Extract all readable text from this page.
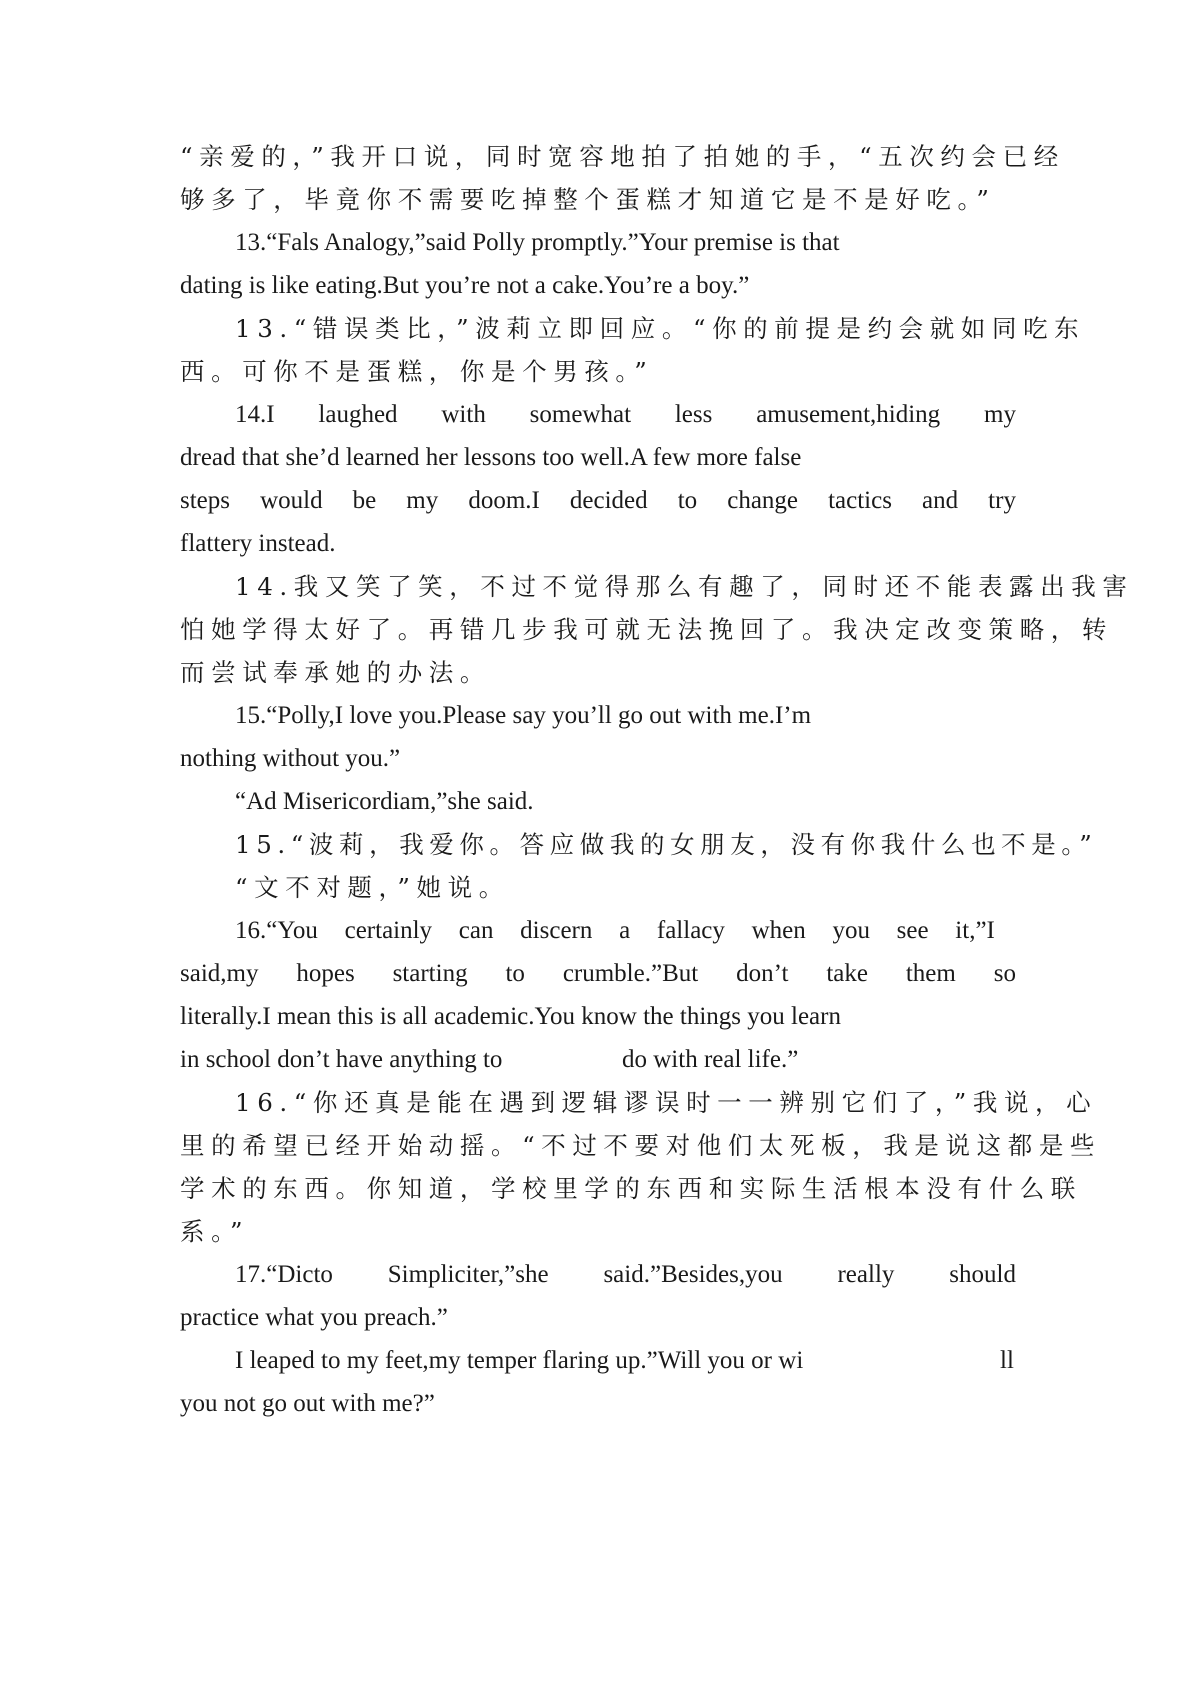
“亲爱的，”我开口说，同时宽容地拍了拍她的手，“五次约会已经
够多了，毕竟你不需要吃掉整个蛋糕才知道它是不是好吃。”
13.“Fals Analogy,”said Polly promptly.”Your premise is that
dating is like eating.But you’re not a cake.You’re a boy.”
13.“错误类比，”波莉立即回应。“你的前提是约会就如同吃东
西。可你不是蛋糕，你是个男孩。”
14.I laughed with somewhat less amusement,hiding my
dread that she’d learned her lessons too well.A few more false
steps would be my doom.I decided to change tactics and try
flattery instead.
14.我又笑了笑，不过不觉得那么有趣了，同时还不能表露出我害
怕她学得太好了。再错几步我可就无法挽回了。我决定改变策略，转
而尝试奉承她的办法。
15.“Polly,I love you.Please say you’ll go out with me.I’m
nothing without you.”
“Ad Misericordiam,”she said.
15.“波莉，我爱你。答应做我的女朋友，没有你我什么也不是。”
“文不对题，”她说。
16.“You certainly can discern a fallacy when you see it,”I
said,my hopes starting to crumble.”But don’t take them so
literally.I mean this is all academic.You know the things you learn
in school don’t have anything to	do with real life.”
16.“你还真是能在遇到逻辑谬误时一一辨别它们了，”我说，心
里的希望已经开始动摇。“不过不要对他们太死板，我是说这都是些
学术的东西。你知道，学校里学的东西和实际生活根本没有什么联
系。”
17.“Dicto Simpliciter,”she said.”Besides,you really should
practice what you preach.”
I leaped to my feet,my temper flaring up.”Will you or wi	ll
you not go out with me?”
